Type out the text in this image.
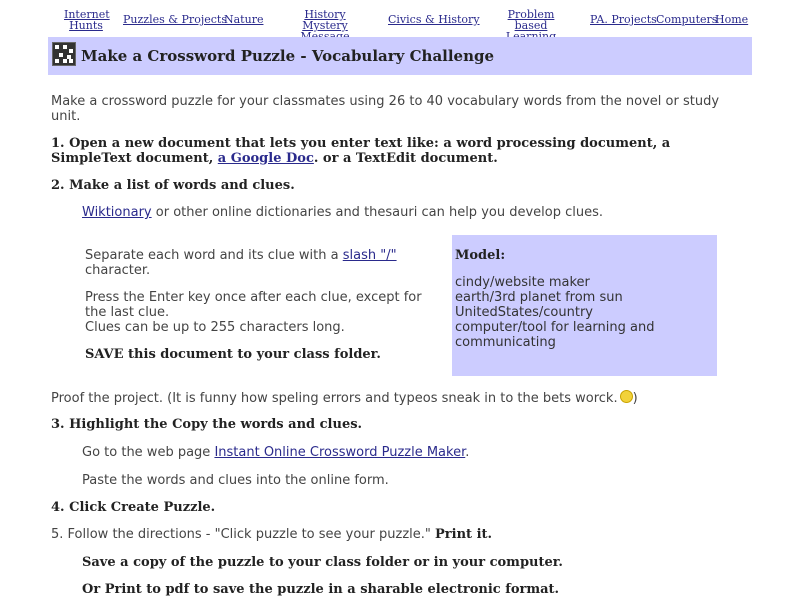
Internet
Hunts	Puzzles & Projects
Nature	History Mystery	Civics & History	Problem based	PA. Projects Computers
Home
Make a Crossword Puzzle - Vocabulary Challenge
Make a crossword puzzle for your classmates using 26 to 40 vocabulary words from the novel or study
unit.
1. Open a new document that lets you enter text like: a word processing document, a
SimpleText document, a Google Doc. or a TextEdit document.
2. Make a list of words and clues.
Wiktionary or other online dictionaries and thesauri can help you develop clues.
Separate each word and its clue with a slash "/"
character.
Press the Enter key once after each clue, except for
the last clue.
Clues can be up to 255 characters long.
SAVE this document to your class folder.
Model:
cindy/website maker
earth/3rd planet from sun
UnitedStates/country
computer/tool for learning and
communicating
Proof the project. (It is funny how speling errors and typeos sneak in to the bets worck. )
3. Highlight the Copy the words and clues.
Go to the web page Instant Online Crossword Puzzle Maker.
Paste the words and clues into the online form.
4. Click Create Puzzle.
5. Follow the directions - "Click puzzle to see your puzzle." Print it.
Save a copy of the puzzle to your class folder or in your computer.
Or Print to pdf to save the puzzle in a sharable electronic format.
